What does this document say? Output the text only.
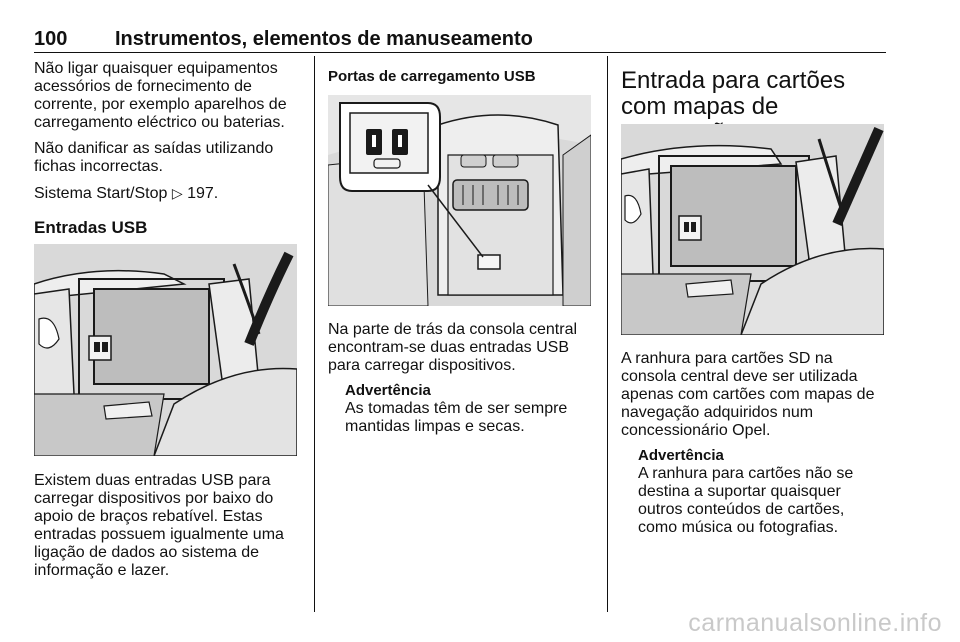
100 Instrumentos, elementos de manuseamento

Não ligar quaisquer equipamentos acessórios de fornecimento de corrente, por exemplo aparelhos de carregamento eléctrico ou baterias.

Não danificar as saídas utilizando fichas incorrectas.

Sistema Start/Stop ▷ 197.

Entradas USB

Existem duas entradas USB para carregar dispositivos por baixo do apoio de braços rebatível. Estas entradas possuem igualmente uma ligação de dados ao sistema de informação e lazer.

Portas de carregamento USB

Na parte de trás da consola central encontram-se duas entradas USB para carregar dispositivos.

Advertência

As tomadas têm de ser sempre mantidas limpas e secas.

Entrada para cartões com mapas de

A ranhura para cartões SD na consola central deve ser utilizada apenas com cartões com mapas de navegação adquiridos num concessionário Opel.

Advertência

A ranhura para cartões não se destina a suportar quaisquer outros conteúdos de cartões, como música ou fotografias.

carmanualsonline.info
